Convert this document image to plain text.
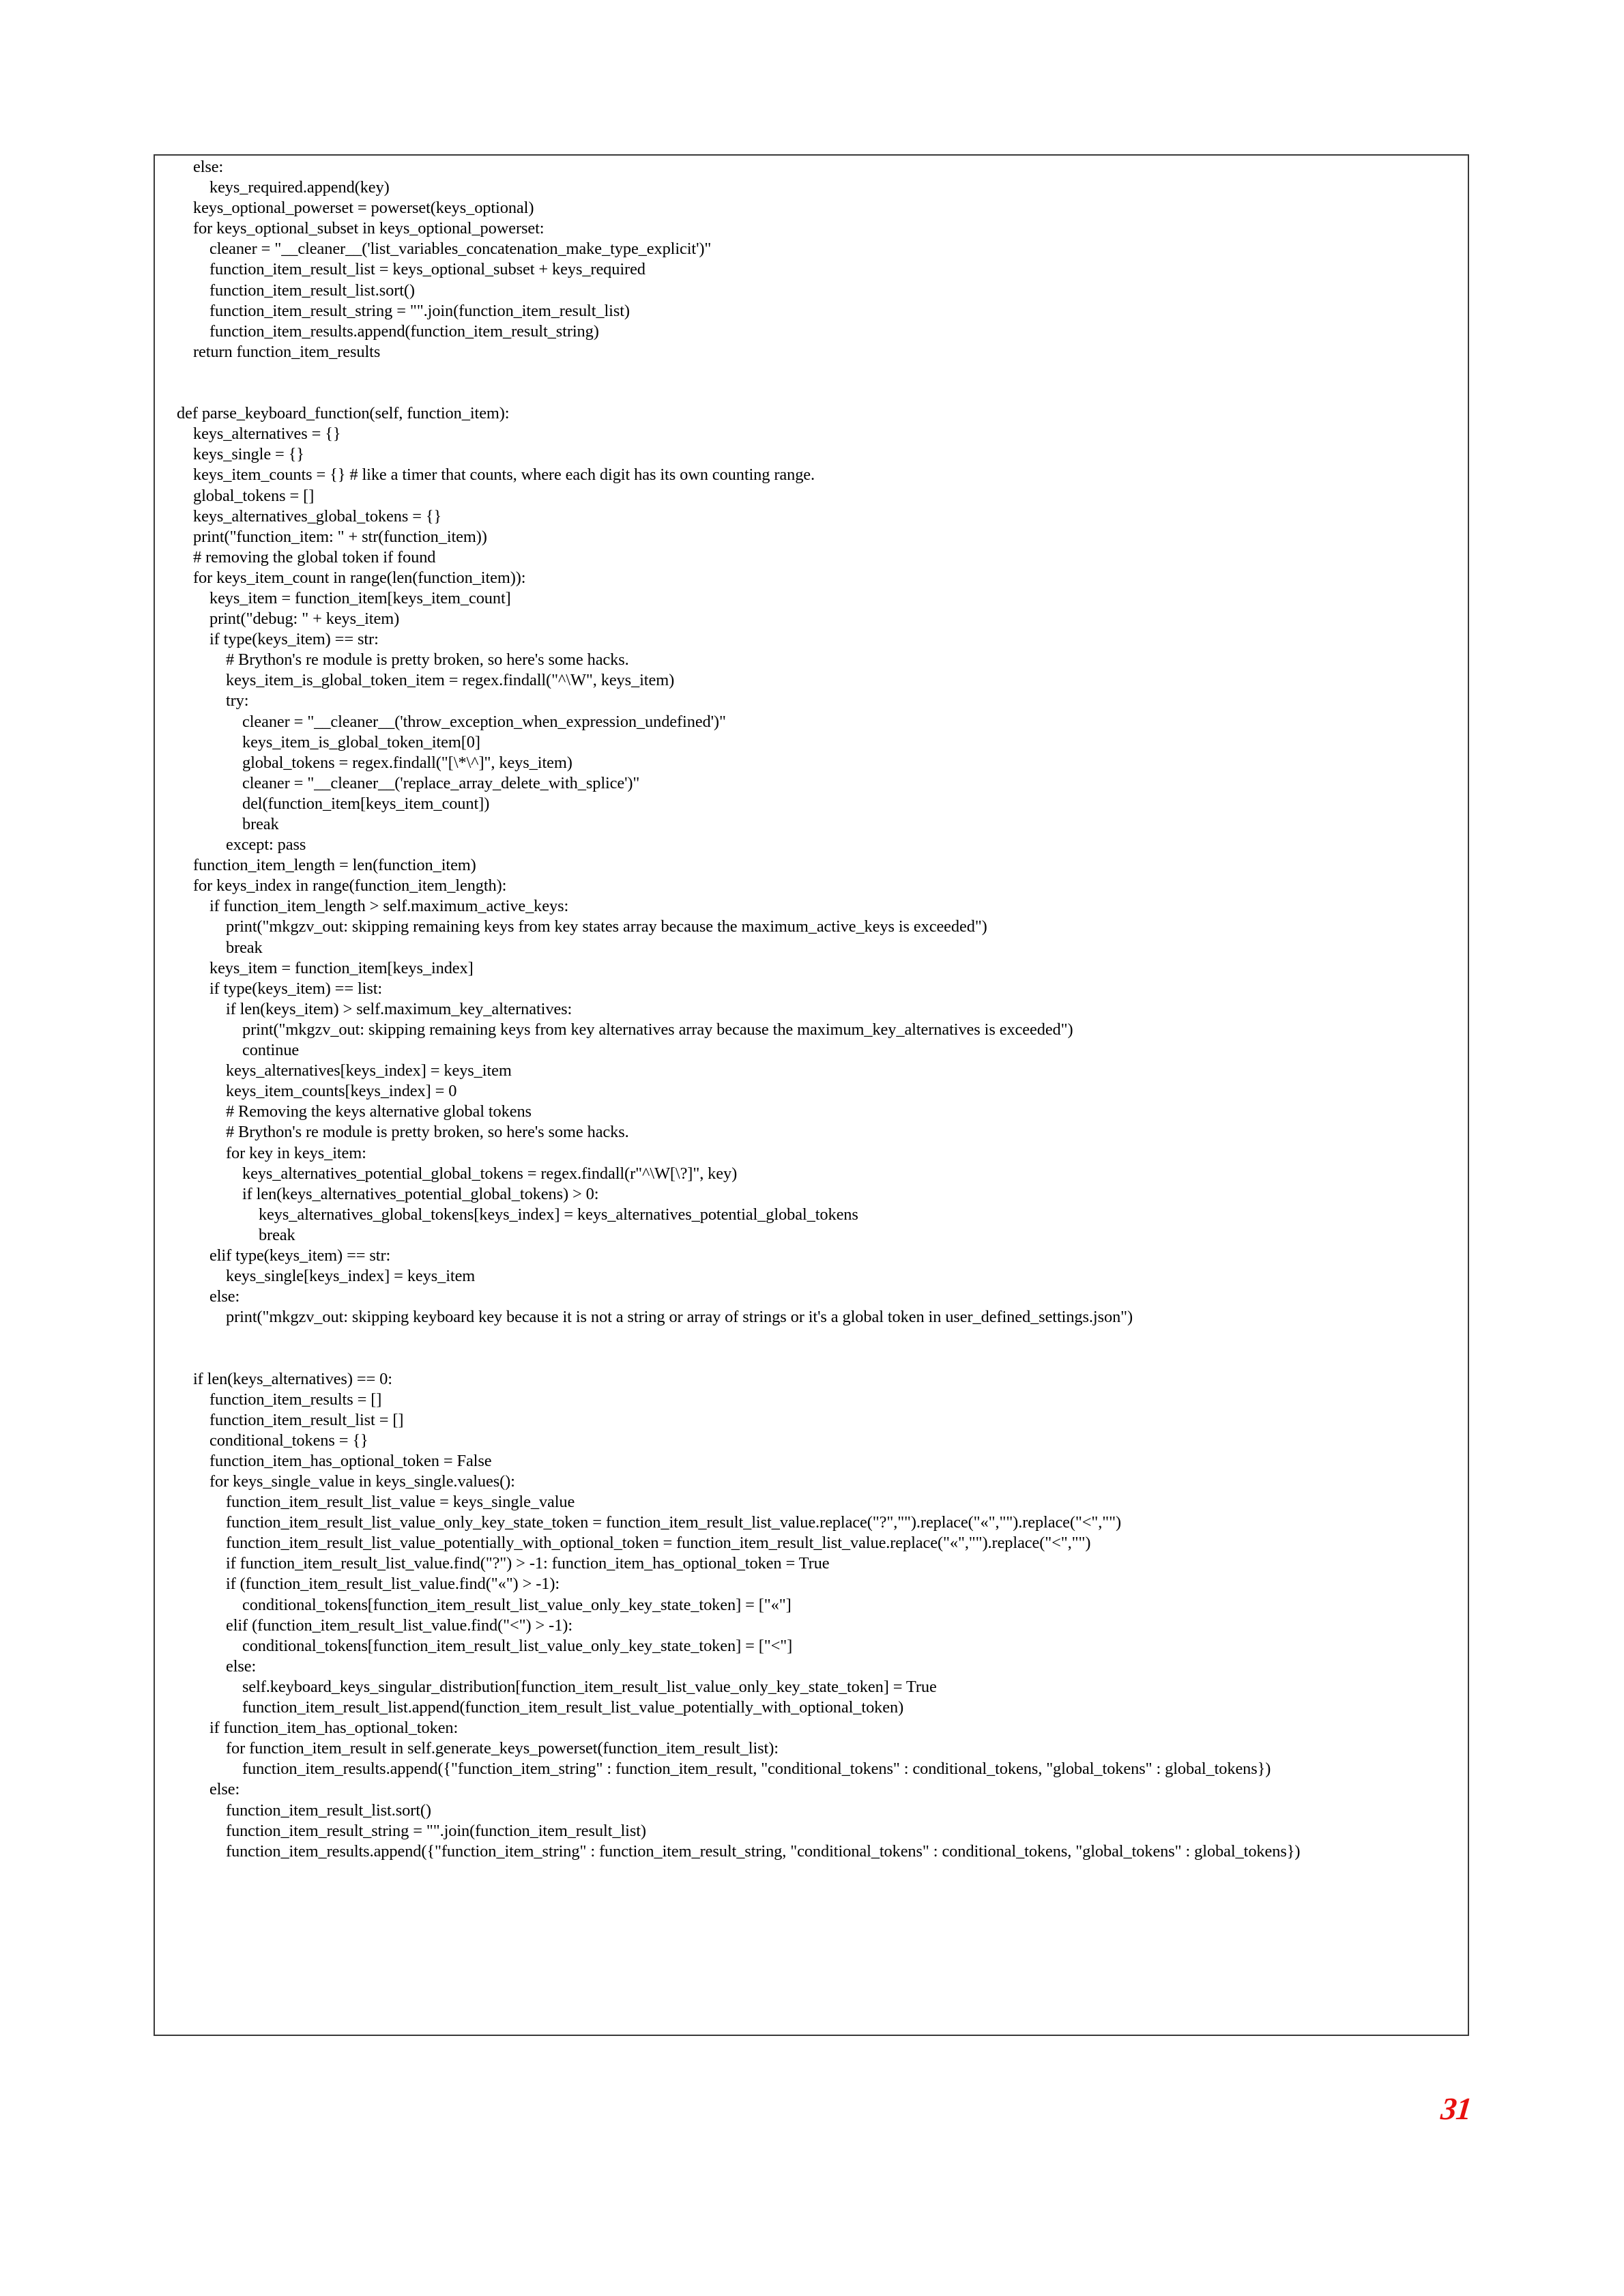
else:
keys_required.append(key)
keys_optional_powerset = powerset(keys_optional)
for keys_optional_subset in keys_optional_powerset:
cleaner = "__cleaner__('list_variables_concatenation_make_type_explicit')"
function_item_result_list = keys_optional_subset + keys_required
function_item_result_list.sort()
function_item_result_string = "".join(function_item_result_list)
function_item_results.append(function_item_result_string)
return function_item_results
def parse_keyboard_function(self, function_item):
keys_alternatives = {}
keys_single = {}
keys_item_counts = {} # like a timer that counts, where each digit has its own counting range.
global_tokens = []
keys_alternatives_global_tokens = {}
print("function_item: " + str(function_item))
# removing the global token if found
for keys_item_count in range(len(function_item)):
keys_item = function_item[keys_item_count]
print("debug: " + keys_item)
if type(keys_item) == str:
# Brython's re module is pretty broken, so here's some hacks.
keys_item_is_global_token_item = regex.findall("^\W", keys_item)
try:
cleaner = "__cleaner__('throw_exception_when_expression_undefined')"
keys_item_is_global_token_item[0]
global_tokens = regex.findall("[\*\^]", keys_item)
cleaner = "__cleaner__('replace_array_delete_with_splice')"
del(function_item[keys_item_count])
break
except: pass
function_item_length = len(function_item)
for keys_index in range(function_item_length):
if function_item_length > self.maximum_active_keys:
print("mkgzv_out: skipping remaining keys from key states array because the maximum_active_keys is exceeded")
break
keys_item = function_item[keys_index]
if type(keys_item) == list:
if len(keys_item) > self.maximum_key_alternatives:
print("mkgzv_out: skipping remaining keys from key alternatives array because the maximum_key_alternatives is exceeded")
continue
keys_alternatives[keys_index] = keys_item
keys_item_counts[keys_index] = 0
# Removing the keys alternative global tokens
# Brython's re module is pretty broken, so here's some hacks.
for key in keys_item:
keys_alternatives_potential_global_tokens = regex.findall(r"^\W[\?]", key)
if len(keys_alternatives_potential_global_tokens) > 0:
keys_alternatives_global_tokens[keys_index] = keys_alternatives_potential_global_tokens
break
elif type(keys_item) == str:
keys_single[keys_index] = keys_item
else:
print("mkgzv_out: skipping keyboard key because it is not a string or array of strings or it's a global token in user_defined_settings.json")
if len(keys_alternatives) == 0:
function_item_results = []
function_item_result_list = []
conditional_tokens = {}
function_item_has_optional_token = False
for keys_single_value in keys_single.values():
function_item_result_list_value = keys_single_value
function_item_result_list_value_only_key_state_token = function_item_result_list_value.replace("?","").replace("«","").replace("<","")
function_item_result_list_value_potentially_with_optional_token = function_item_result_list_value.replace("«","").replace("<","")
if function_item_result_list_value.find("?") > -1: function_item_has_optional_token = True
if (function_item_result_list_value.find("«") > -1):
conditional_tokens[function_item_result_list_value_only_key_state_token] = ["«"]
elif (function_item_result_list_value.find("<") > -1):
conditional_tokens[function_item_result_list_value_only_key_state_token] = ["<"]
else:
self.keyboard_keys_singular_distribution[function_item_result_list_value_only_key_state_token] = True
function_item_result_list.append(function_item_result_list_value_potentially_with_optional_token)
if function_item_has_optional_token:
for function_item_result in self.generate_keys_powerset(function_item_result_list):
function_item_results.append({"function_item_string" : function_item_result, "conditional_tokens" : conditional_tokens, "global_tokens" : global_tokens})
else:
function_item_result_list.sort()
function_item_result_string = "".join(function_item_result_list)
function_item_results.append({"function_item_string" : function_item_result_string, "conditional_tokens" : conditional_tokens, "global_tokens" : global_tokens})
31
